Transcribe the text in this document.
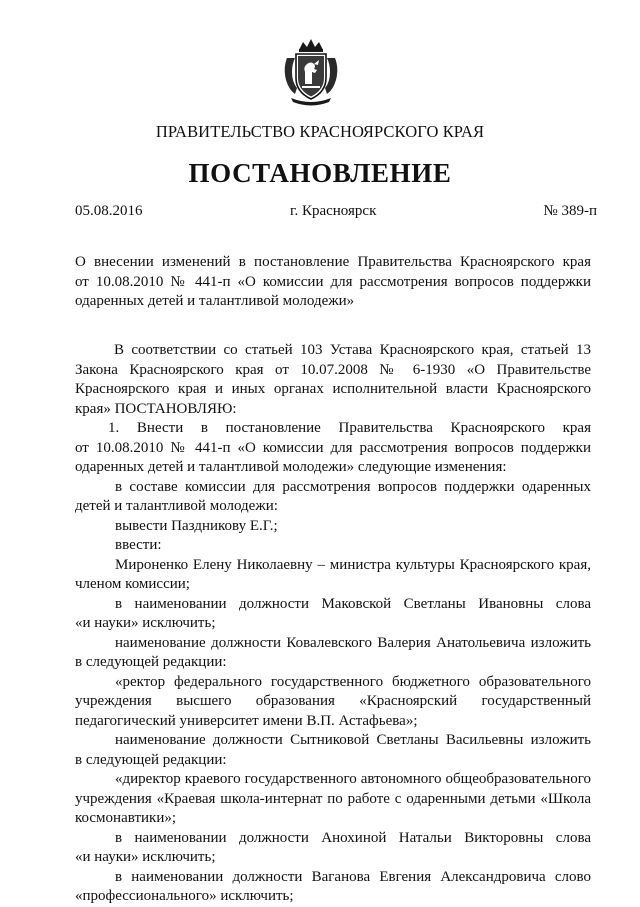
ПРАВИТЕЛЬСТВО КРАСНОЯРСКОГО КРАЯ
ПОСТАНОВЛЕНИЕ
05.08.2016	г. Красноярск	№ 389-п
О внесении изменений в постановление Правительства Красноярского края
от 10.08.2010 № 441-п «О комиссии для рассмотрения вопросов поддержки
одаренных детей и талантливой молодежи»
В соответствии со статьей 103 Устава Красноярского края, статьей 13
Закона Красноярского края от 10.07.2008 № 6-1930 «О Правительстве
Красноярского края и иных органах исполнительной власти Красноярского
края» ПОСТАНОВЛЯЮ:
1. Внести в постановление Правительства Красноярского края
от 10.08.2010 № 441-п «О комиссии для рассмотрения вопросов поддержки
одаренных детей и талантливой молодежи» следующие изменения:
в составе комиссии для рассмотрения вопросов поддержки одаренных
детей и талантливой молодежи:
вывести Паздникову Е.Г.;
ввести:
Мироненко Елену Николаевну – министра культуры Красноярского края,
членом комиссии;
в наименовании должности Маковской Светланы Ивановны слова
«и науки» исключить;
наименование должности Ковалевского Валерия Анатольевича изложить
в следующей редакции:
«ректор федерального государственного бюджетного образовательного
учреждения высшего образования «Красноярский государственный
педагогический университет имени В.П. Астафьева»;
наименование должности Сытниковой Светланы Васильевны изложить
в следующей редакции:
«директор краевого государственного автономного общеобразовательного
учреждения «Краевая школа-интернат по работе с одаренными детьми «Школа
космонавтики»;
в наименовании должности Анохиной Натальи Викторовны слова
«и науки» исключить;
в наименовании должности Ваганова Евгения Александровича слово
«профессионального» исключить;
